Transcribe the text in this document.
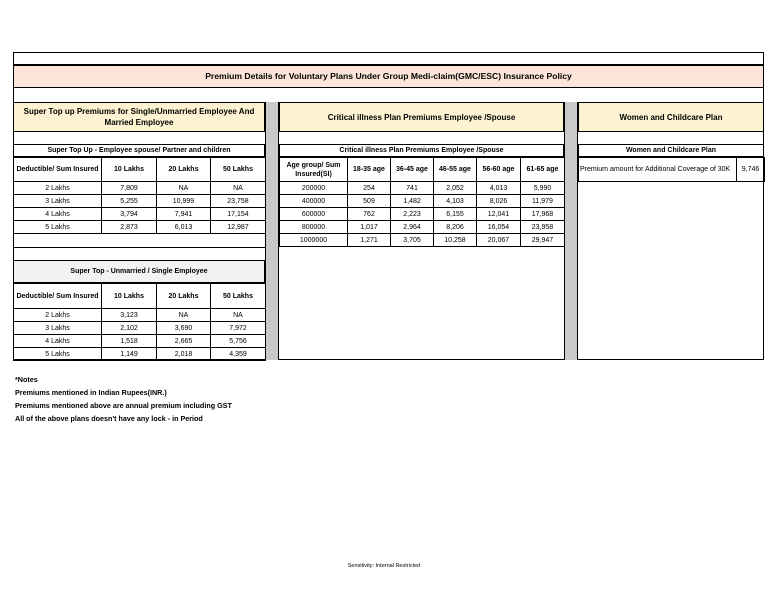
Premium Details for Voluntary Plans Under Group Medi-claim(GMC/ESC) Insurance Policy
Super Top up Premiums for Single/Unmarried Employee And Married Employee
Critical illness Plan Premiums Employee /Spouse	Women and Childcare Plan
Super Top Up - Employee spouse/ Partner and children
Deductible/ Sum Insured	10 Lakhs	20 Lakhs	50 Lakhs
2 Lakhs	7,809	NA	NA
3 Lakhs	5,255	10,999	23,758
4 Lakhs	3,794	7,941	17,154
5 Lakhs	2,873	6,013	12,987
Super Top - Unmarried / Single Employee
Deductible/ Sum Insured	10 Lakhs	20 Lakhs	50 Lakhs
2 Lakhs	3,123	NA	NA
3 Lakhs	2,102	3,690	7,972
4 Lakhs	1,518	2,665	5,756
5 Lakhs	1,149	2,018	4,359
Critical illness Plan Premiums Employee /Spouse
Age group/ Sum Insured(SI)	18-35 age	36-45 age	46-55 age	56-60 age	61-65 age
200000	254	741	2,052	4,013	5,990
400000	509	1,482	4,103	8,026	11,979
600000	762	2,223	6,155	12,041	17,968
800000	1,017	2,964	8,206	16,054	23,958
1000000	1,271	3,705	10,258	20,067	29,947
Women and Childcare Plan
Premium amount for Additional Coverage of 30K	9,746
*Notes
Premiums mentioned in Indian Rupees(INR.)
Premiums mentioned above are annual premium including GST
All of the above plans doesn't have any lock - in Period
Sensitivity: Internal Restricted
